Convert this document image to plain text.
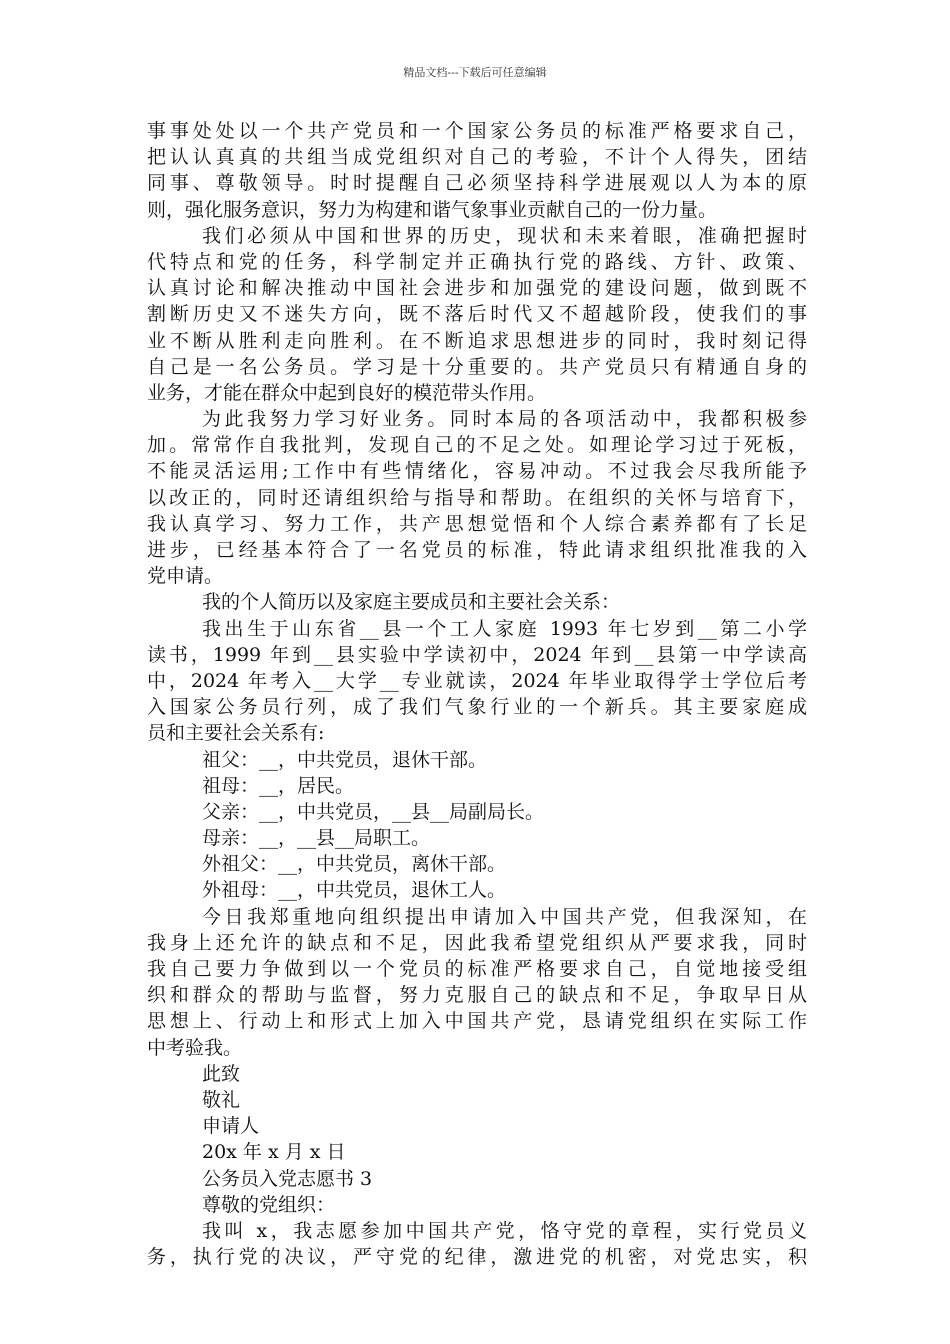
精品文档---下载后可任意编辑
事事处处以一个共产党员和一个国家公务员的标准严格要求自己，
把认认真真的共组当成党组织对自己的考验，不计个人得失，团结
同事、尊敬领导。时时提醒自己必须坚持科学进展观以人为本的原
则，强化服务意识，努力为构建和谐气象事业贡献自己的一份力量。
我们必须从中国和世界的历史，现状和未来着眼，准确把握时
代特点和党的任务，科学制定并正确执行党的路线、方针、政策、
认真讨论和解决推动中国社会进步和加强党的建设问题，做到既不
割断历史又不迷失方向，既不落后时代又不超越阶段，使我们的事
业不断从胜利走向胜利。在不断追求思想进步的同时，我时刻记得
自己是一名公务员。学习是十分重要的。共产党员只有精通自身的
业务，才能在群众中起到良好的模范带头作用。
为此我努力学习好业务。同时本局的各项活动中，我都积极参
加。常常作自我批判，发现自己的不足之处。如理论学习过于死板，
不能灵活运用;工作中有些情绪化，容易冲动。不过我会尽我所能予
以改正的，同时还请组织给与指导和帮助。在组织的关怀与培育下，
我认真学习、努力工作，共产思想觉悟和个人综合素养都有了长足
进步，已经基本符合了一名党员的标准，特此请求组织批准我的入
党申请。
我的个人简历以及家庭主要成员和主要社会关系：
我出生于山东省__县一个工人家庭 1993 年七岁到__第二小学
读书，1999 年到__县实验中学读初中，2024 年到__县第一中学读高
中，2024 年考入__大学__专业就读，2024 年毕业取得学士学位后考
入国家公务员行列，成了我们气象行业的一个新兵。其主要家庭成
员和主要社会关系有:
祖父：__，中共党员，退休干部。
祖母：__，居民。
父亲：__，中共党员，__县__局副局长。
母亲：__，__县__局职工。
外祖父：__，中共党员，离休干部。
外祖母：__，中共党员，退休工人。
今日我郑重地向组织提出申请加入中国共产党，但我深知，在
我身上还允许的缺点和不足，因此我希望党组织从严要求我，同时
我自己要力争做到以一个党员的标准严格要求自己，自觉地接受组
织和群众的帮助与监督，努力克服自己的缺点和不足，争取早日从
思想上、行动上和形式上加入中国共产党，恳请党组织在实际工作
中考验我。
此致
敬礼
申请人
20x 年 x 月 x 日
公务员入党志愿书 3
尊敬的党组织：
我叫 x，我志愿参加中国共产党，恪守党的章程，实行党员义
务，执行党的决议，严守党的纪律，激进党的机密，对党忠实，积
